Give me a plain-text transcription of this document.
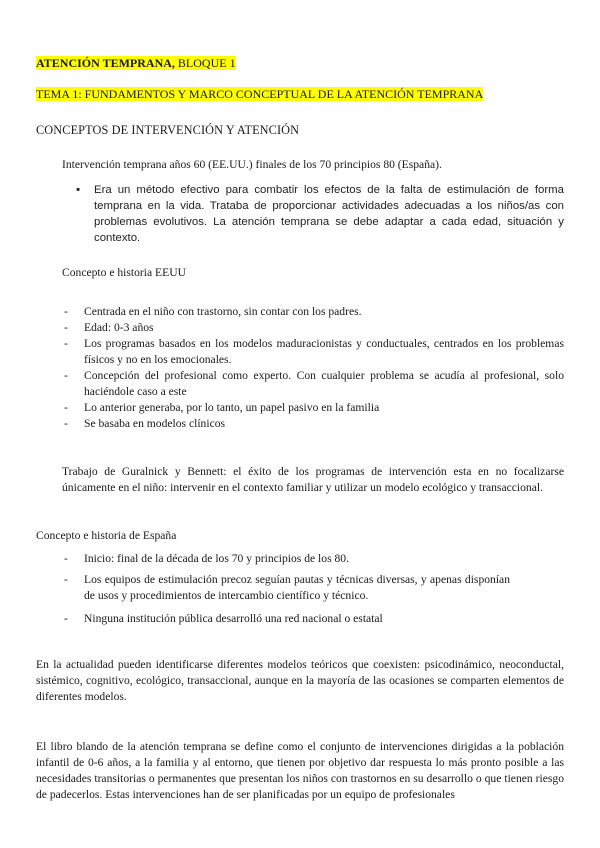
ATENCIÓN TEMPRANA, BLOQUE 1

TEMA 1: FUNDAMENTOS Y MARCO CONCEPTUAL DE LA ATENCIÓN TEMPRANA

CONCEPTOS DE INTERVENCIÓN Y ATENCIÓN

Intervención temprana años 60 (EE.UU.) finales de los 70 principios 80 (España).

▪ Era un método efectivo para combatir los efectos de la falta de estimulación de forma temprana en la vida. Trataba de proporcionar actividades adecuadas a los niños/as con problemas evolutivos. La atención temprana se debe adaptar a cada edad, situación y contexto.

Concepto e historia EEUU

- Centrada en el niño con trastorno, sin contar con los padres.
- Edad: 0-3 años
- Los programas basados en los modelos maduracionistas y conductuales, centrados en los problemas físicos y no en los emocionales.
- Concepción del profesional como experto. Con cualquier problema se acudía al profesional, solo haciéndole caso a este
- Lo anterior generaba, por lo tanto, un papel pasivo en la familia
- Se basaba en modelos clínicos

Trabajo de Guralnick y Bennett: el éxito de los programas de intervención esta en no focalizarse únicamente en el niño: intervenir en el contexto familiar y utilizar un modelo ecológico y transaccional.

Concepto e historia de España

- Inicio: final de la década de los 70 y principios de los 80.
- Los equipos de estimulación precoz seguían pautas y técnicas diversas, y apenas disponían de usos y procedimientos de intercambio científico y técnico.
- Ninguna institución pública desarrolló una red nacional o estatal

En la actualidad pueden identificarse diferentes modelos teóricos que coexisten: psicodinámico, neoconductal, sistémico, cognitivo, ecológico, transaccional, aunque en la mayoría de las ocasiones se comparten elementos de diferentes modelos.

El libro blando de la atención temprana se define como el conjunto de intervenciones dirigidas a la población infantil de 0-6 años, a la familia y al entorno, que tienen por objetivo dar respuesta lo más pronto posible a las necesidades transitorias o permanentes que presentan los niños con trastornos en su desarrollo o que tienen riesgo de padecerlos. Estas intervenciones han de ser planificadas por un equipo de profesionales
